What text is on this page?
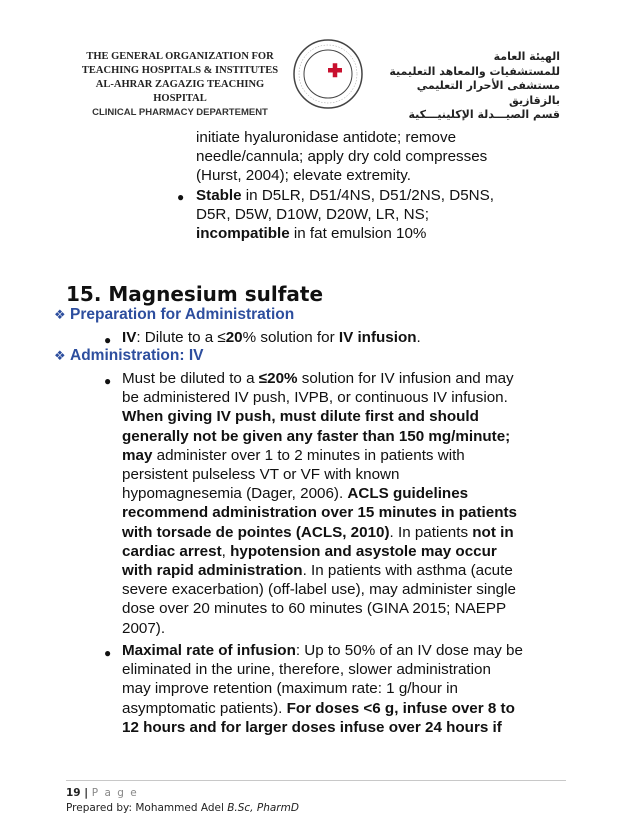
THE GENERAL ORGANIZATION FOR
TEACHING HOSPITALS & INSTITUTES
AL-AHRAR ZAGAZIG TEACHING HOSPITAL
CLINICAL PHARMACY DEPARTEMENT
الهيئة العامة
للمستشفيات والمعاهد التعليمية
مستشفى الأحرار التعليمي بالزقازيق
قسم الصيـــدلة الإكلينيـــكية
initiate hyaluronidase antidote; remove
needle/cannula; apply dry cold compresses
(Hurst, 2004); elevate extremity.
● Stable in D5LR, D51/4NS, D51/2NS, D5NS,
D5R, D5W, D10W, D20W, LR, NS;
incompatible in fat emulsion 10%
15. Magnesium sulfate
❖ Preparation for Administration
● IV: Dilute to a ≤20% solution for IV infusion.
❖ Administration: IV
● Must be diluted to a ≤20% solution for IV infusion and may
be administered IV push, IVPB, or continuous IV infusion.
When giving IV push, must dilute first and should
generally not be given any faster than 150 mg/minute;
may administer over 1 to 2 minutes in patients with
persistent pulseless VT or VF with known
hypomagnesemia (Dager, 2006). ACLS guidelines
recommend administration over 15 minutes in patients
with torsade de pointes (ACLS, 2010). In patients not in
cardiac arrest, hypotension and asystole may occur
with rapid administration. In patients with asthma (acute
severe exacerbation) (off-label use), may administer single
dose over 20 minutes to 60 minutes (GINA 2015; NAEPP
2007).
● Maximal rate of infusion: Up to 50% of an IV dose may be
eliminated in the urine, therefore, slower administration
may improve retention (maximum rate: 1 g/hour in
asymptomatic patients). For doses <6 g, infuse over 8 to
12 hours and for larger doses infuse over 24 hours if
19 | P a g e
Prepared by: Mohammed Adel B.Sc, PharmD
